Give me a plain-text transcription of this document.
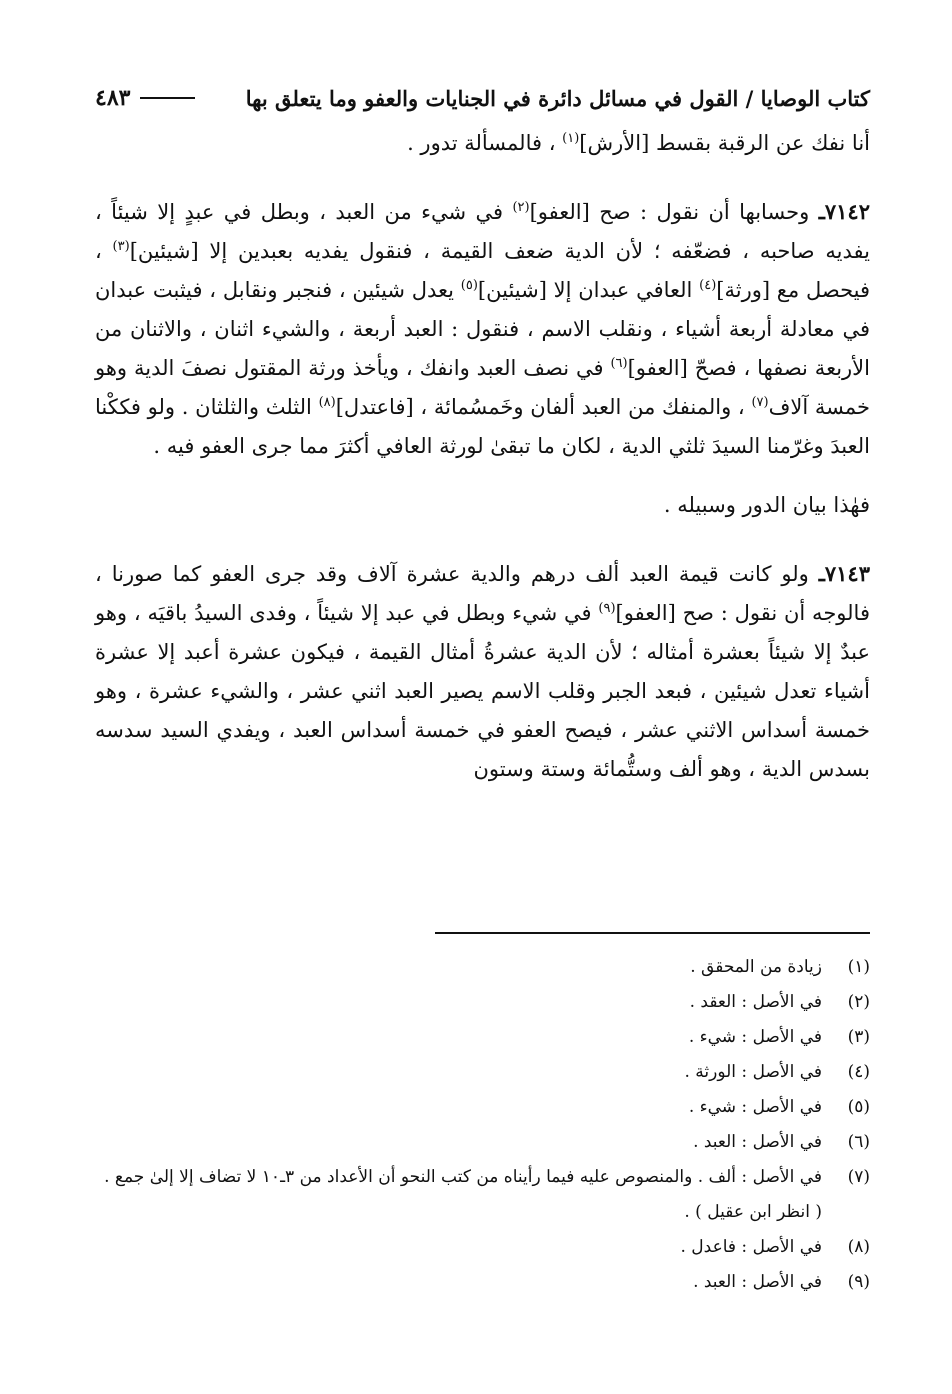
كتاب الوصايا / القول في مسائل دائرة في الجنايات والعفو وما يتعلق بها
٤٨٣

أنا نفك عن الرقبة بقسط [الأرش]$^{(١)}$ ، فالمسألة تدور .

٧١٤٢ـ وحسابها أن نقول : صح [العفو]$^{(٢)}$ في شيء من العبد ، وبطل في عبدٍ إلا شيئاً ، يفديه صاحبه ، فضعّفه ؛ لأن الدية ضعف القيمة ، فنقول يفديه بعبدين إلا [شيئين]$^{(٣)}$ ، فيحصل مع [ورثة]$^{(٤)}$ العافي عبدان إلا [شيئين]$^{(٥)}$ يعدل شيئين ، فنجبر ونقابل ، فيثبت عبدان في معادلة أربعة أشياء ، ونقلب الاسم ، فنقول : العبد أربعة ، والشيء اثنان ، والاثنان من الأربعة نصفها ، فصحّ [العفو]$^{(٦)}$ في نصف العبد وانفك ، ويأخذ ورثة المقتول نصفَ الدية وهو خمسة آلاف$^{(٧)}$ ، والمنفك من العبد ألفان وخَمسُمائة ، [فاعتدل]$^{(٨)}$ الثلث والثلثان . ولو فككْنا العبدَ وغرّمنا السيدَ ثلثي الدية ، لكان ما تبقىٰ لورثة العافي أكثرَ مما جرى العفو فيه .

فهٰذا بيان الدور وسبيله .

٧١٤٣ـ ولو كانت قيمة العبد ألف درهم والدية عشرة آلاف وقد جرى العفو كما صورنا ، فالوجه أن نقول : صح [العفو]$^{(٩)}$ في شيء وبطل في عبد إلا شيئاً ، وفدى السيدُ باقيَه ، وهو عبدٌ إلا شيئاً بعشرة أمثاله ؛ لأن الدية عشرةُ أمثال القيمة ، فيكون عشرة أعبد إلا عشرة أشياء تعدل شيئين ، فبعد الجبر وقلب الاسم يصير العبد اثني عشر ، والشيء عشرة ، وهو خمسة أسداس الاثني عشر ، فيصح العفو في خمسة أسداس العبد ، ويفدي السيد سدسه بسدس الدية ، وهو ألف وستُّمائة وستة وستون

(١)
زيادة من المحقق .
(٢)
في الأصل : العقد .
(٣)
في الأصل : شيء .
(٤)
في الأصل : الورثة .
(٥)
في الأصل : شيء .
(٦)
في الأصل : العبد .
(٧)
في الأصل : ألف . والمنصوص عليه فيما رأيناه من كتب النحو أن الأعداد من ٣ـ١٠ لا تضاف إلا إلىٰ جمع . ( انظر ابن عقيل ) .
(٨)
في الأصل : فاعدل .
(٩)
في الأصل : العبد .
